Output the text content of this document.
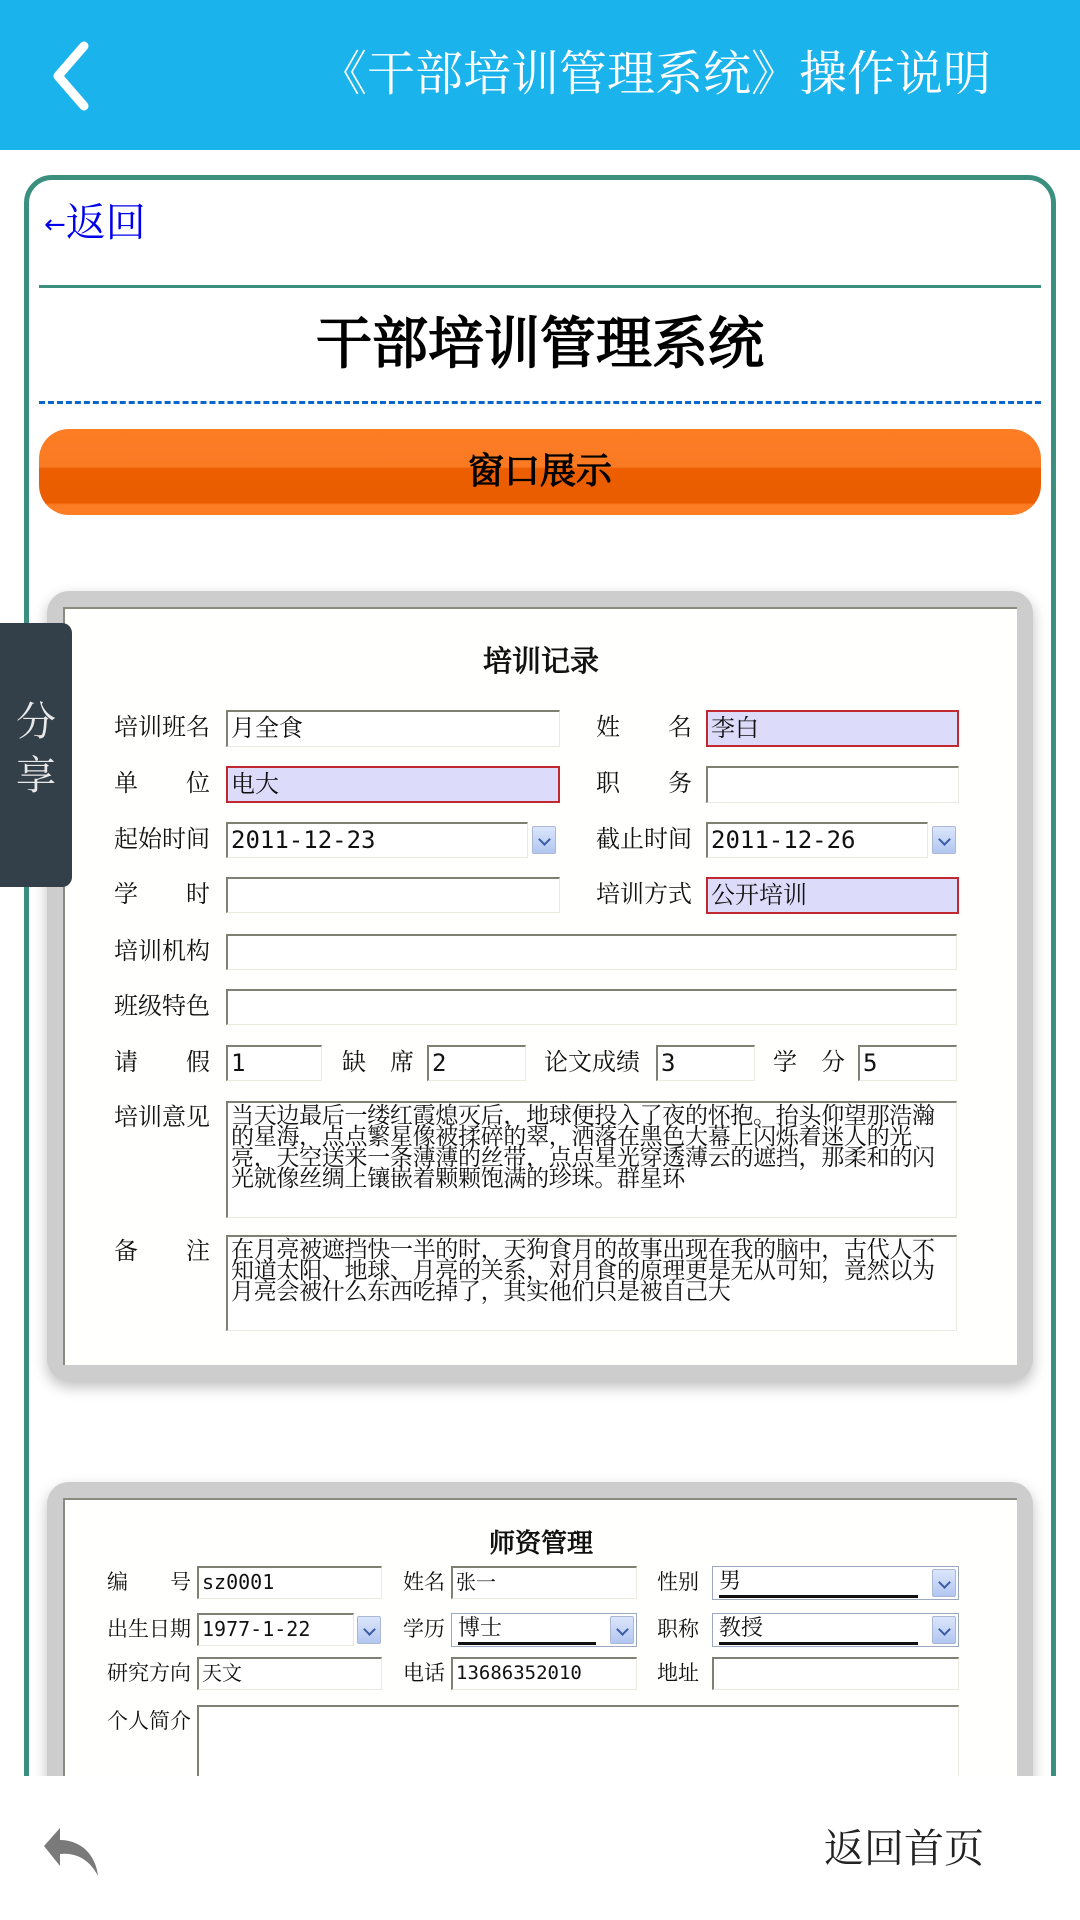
《干部培训管理系统》操作说明
←返回
干部培训管理系统
窗口展示
培训记录
培训班名 月全食	姓　　名 李白
单　　位 电大	职　　务
起始时间 2011-12-23	截止时间 2011-12-26
学　　时	培训方式 公开培训
培训机构
班级特色
请　　假 1	缺　席 2	论文成绩 3	学　分 5
培训意见 当天边最后一缕红霞熄灭后，地球便投入了夜的怀抱。抬头仰望那浩瀚的星海，点点繁星像被揉碎的翠，洒落在黑色大幕上闪烁着迷人的光亮，天空送来一条薄薄的丝带，点点星光穿透薄云的遮挡，那柔和的闪光就像丝绸上镶嵌着颗颗饱满的珍珠。群星环
备　　注 在月亮被遮挡快一半的时，天狗食月的故事出现在我的脑中，古代人不知道太阳、地球、月亮的关系，对月食的原理更是无从可知，竟然以为月亮会被什么东西吃掉了，其实他们只是被自己大
师资管理
编　　号 sz0001	姓名 张一	性别 男
出生日期 1977-1-22	学历 博士	职称 教授
研究方向 天文	电话 13686352010	地址
个人简介
分
享
返回首页
